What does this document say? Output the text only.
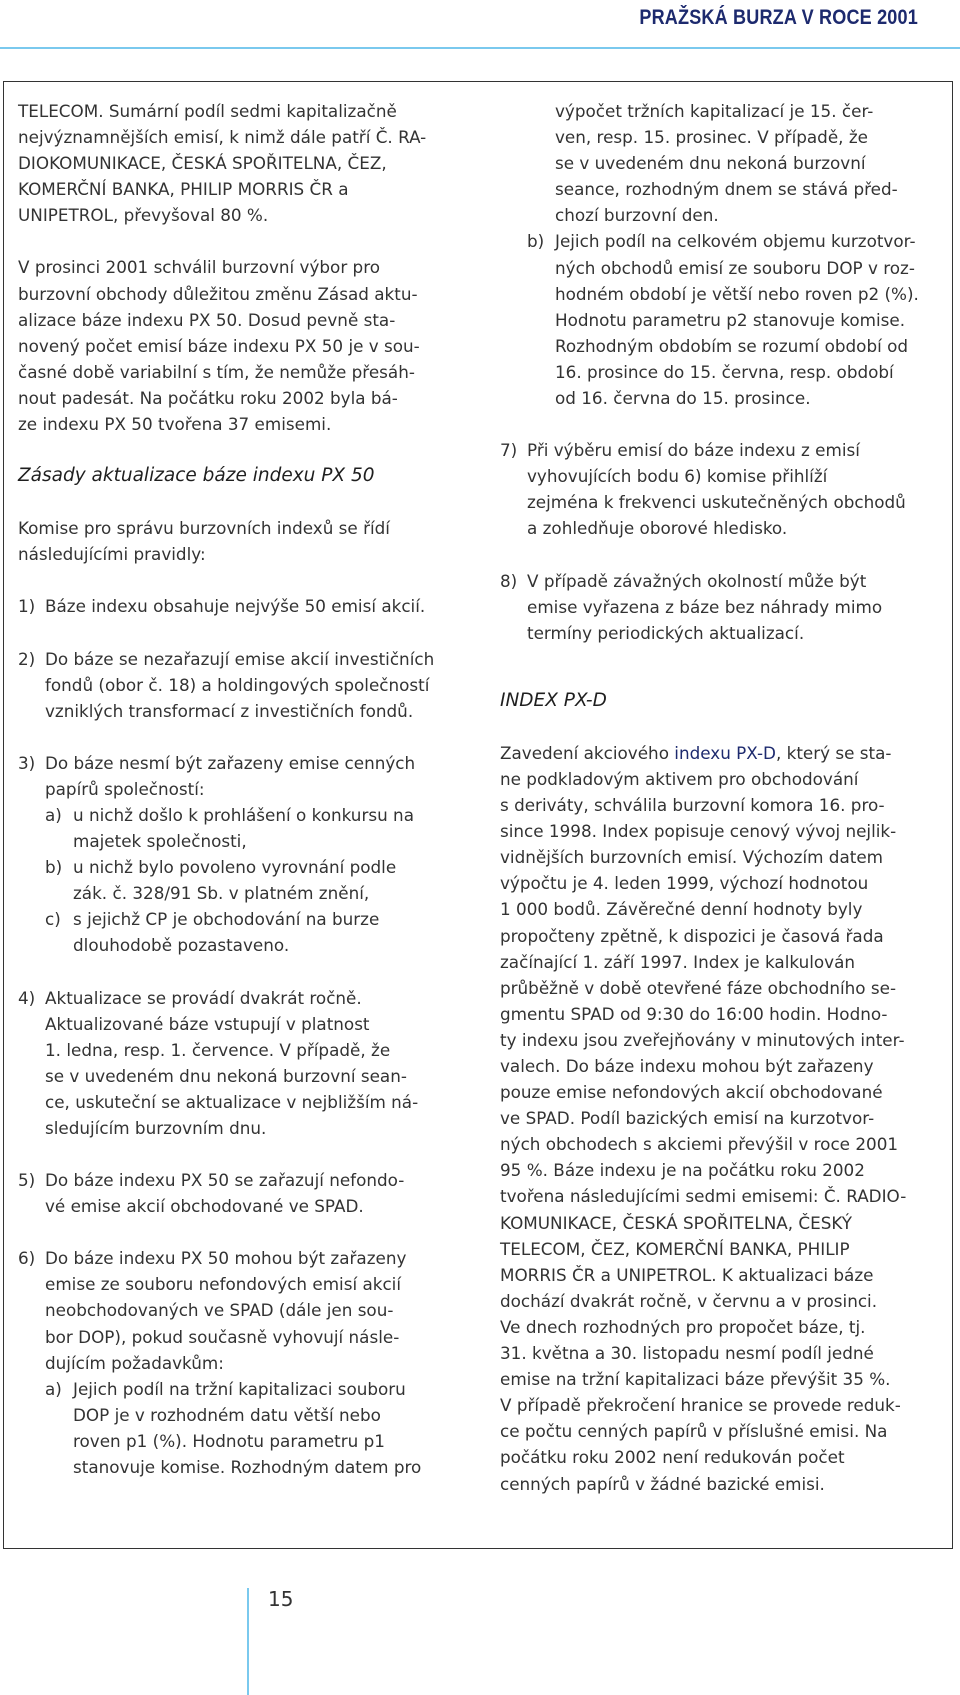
PRAŽSKÁ BURZA V ROCE 2001

TELECOM. Sumární podíl sedmi kapitalizačně
nejvýznamnějších emisí, k nimž dále patří Č. RA-
DIOKOMUNIKACE, ČESKÁ SPOŘITELNA, ČEZ,
KOMERČNÍ BANKA, PHILIP MORRIS ČR a
UNIPETROL, převyšoval 80 %.

V prosinci 2001 schválil burzovní výbor pro
burzovní obchody důležitou změnu Zásad aktu-
alizace báze indexu PX 50. Dosud pevně sta-
novený počet emisí báze indexu PX 50 je v sou-
časné době variabilní s tím, že nemůže přesáh-
nout padesát. Na počátku roku 2002 byla bá-
ze indexu PX 50 tvořena 37 emisemi.

Zásady aktualizace báze indexu PX 50

Komise pro správu burzovních indexů se řídí
následujícími pravidly:

1) Báze indexu obsahuje nejvýše 50 emisí akcií.
2) Do báze se nezařazují emise akcií investičních
fondů (obor č. 18) a holdingových společností
vzniklých transformací z investičních fondů.
3) Do báze nesmí být zařazeny emise cenných
papírů společností:
a) u nichž došlo k prohlášení o konkursu na
majetek společnosti,
b) u nichž bylo povoleno vyrovnání podle
zák. č. 328/91 Sb. v platném znění,
c) s jejichž CP je obchodování na burze
dlouhodobě pozastaveno.
4) Aktualizace se provádí dvakrát ročně.
Aktualizované báze vstupují v platnost
1. ledna, resp. 1. července. V případě, že
se v uvedeném dnu nekoná burzovní sean-
ce, uskuteční se aktualizace v nejbližším ná-
sledujícím burzovním dnu.
5) Do báze indexu PX 50 se zařazují nefondo-
vé emise akcií obchodované ve SPAD.
6) Do báze indexu PX 50 mohou být zařazeny
emise ze souboru nefondových emisí akcií
neobchodovaných ve SPAD (dále jen sou-
bor DOP), pokud současně vyhovují násle-
dujícím požadavkům:
a) Jejich podíl na tržní kapitalizaci souboru
DOP je v rozhodném datu větší nebo
roven p1 (%). Hodnotu parametru p1
stanovuje komise. Rozhodným datem pro

výpočet tržních kapitalizací je 15. čer-
ven, resp. 15. prosinec. V případě, že
se v uvedeném dnu nekoná burzovní
seance, rozhodným dnem se stává před-
chozí burzovní den.

b) Jejich podíl na celkovém objemu kurzotvor-
ných obchodů emisí ze souboru DOP v roz-
hodném období je větší nebo roven p2 (%).
Hodnotu parametru p2 stanovuje komise.
Rozhodným obdobím se rozumí období od
16. prosince do 15. června, resp. období
od 16. června do 15. prosince.
7) Při výběru emisí do báze indexu z emisí
vyhovujících bodu 6) komise přihlíží
zejména k frekvenci uskutečněných obchodů
a zohledňuje oborové hledisko.
8) V případě závažných okolností může být
emise vyřazena z báze bez náhrady mimo
termíny periodických aktualizací.
INDEX PX-D

Zavedení akciového indexu PX-D, který se sta-
ne podkladovým aktivem pro obchodování
s deriváty, schválila burzovní komora 16. pro-
since 1998. Index popisuje cenový vývoj nejlik-
vidnějších burzovních emisí. Výchozím datem
výpočtu je 4. leden 1999, výchozí hodnotou
1 000 bodů. Závěrečné denní hodnoty byly
propočteny zpětně, k dispozici je časová řada
začínající 1. září 1997. Index je kalkulován
průběžně v době otevřené fáze obchodního se-
gmentu SPAD od 9:30 do 16:00 hodin. Hodno-
ty indexu jsou zveřejňovány v minutových inter-
valech. Do báze indexu mohou být zařazeny
pouze emise nefondových akcií obchodované
ve SPAD. Podíl bazických emisí na kurzotvor-
ných obchodech s akciemi převýšil v roce 2001
95 %. Báze indexu je na počátku roku 2002
tvořena následujícími sedmi emisemi: Č. RADIO-
KOMUNIKACE, ČESKÁ SPOŘITELNA, ČESKÝ
TELECOM, ČEZ, KOMERČNÍ BANKA, PHILIP
MORRIS ČR a UNIPETROL. K aktualizaci báze
dochází dvakrát ročně, v červnu a v prosinci.
Ve dnech rozhodných pro propočet báze, tj.
31. května a 30. listopadu nesmí podíl jedné
emise na tržní kapitalizaci báze převýšit 35 %.
V případě překročení hranice se provede reduk-
ce počtu cenných papírů v příslušné emisi. Na
počátku roku 2002 není redukován počet
cenných papírů v žádné bazické emisi.

15
